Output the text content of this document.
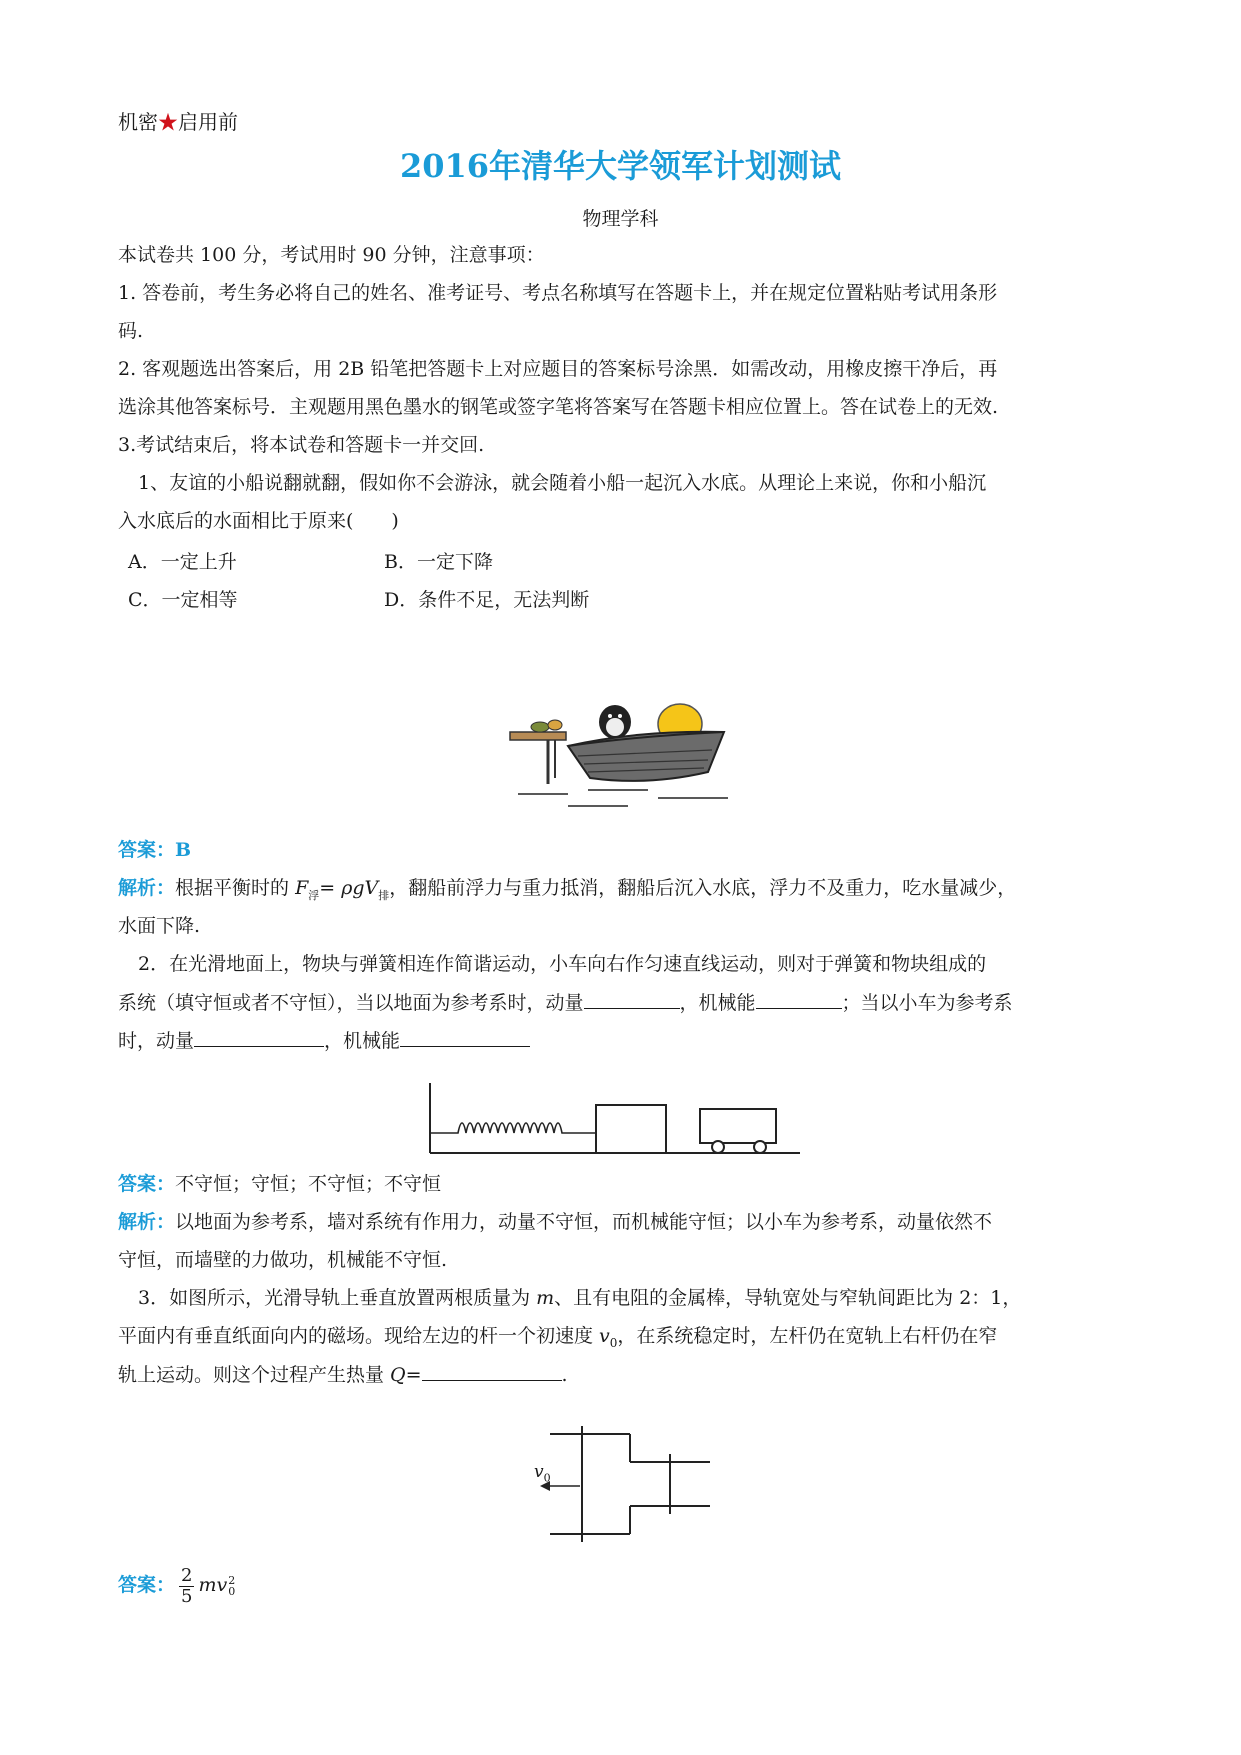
机密★启用前
2016年清华大学领军计划测试
物理学科
本试卷共 100 分，考试用时 90 分钟，注意事项：
1. 答卷前，考生务必将自己的姓名、准考证号、考点名称填写在答题卡上，并在规定位置粘贴考试用条形
码.
2. 客观题选出答案后，用 2B 铅笔把答题卡上对应题目的答案标号涂黑．如需改动，用橡皮擦干净后，再
选涂其他答案标号．主观题用黑色墨水的钢笔或签字笔将答案写在答题卡相应位置上。答在试卷上的无效.
3.考试结束后，将本试卷和答题卡一并交回.
1、友谊的小船说翻就翻，假如你不会游泳，就会随着小船一起沉入水底。从理论上来说，你和小船沉
入水底后的水面相比于原来(　　)
A．一定上升	B．一定下降
C．一定相等	D．条件不足，无法判断
答案：B
解析：根据平衡时的 $F_浮= \rho gV_排$，翻船前浮力与重力抵消，翻船后沉入水底，浮力不及重力，吃水量减少，
水面下降.
2．在光滑地面上，物块与弹簧相连作简谐运动，小车向右作匀速直线运动，则对于弹簧和物块组成的
系统（填守恒或者不守恒），当以地面为参考系时，动量	，机械能	；当以小车为参考系
时，动量	，机械能
答案：不守恒；守恒；不守恒；不守恒
解析：以地面为参考系，墙对系统有作用力，动量不守恒，而机械能守恒；以小车为参考系，动量依然不
守恒，而墙壁的力做功，机械能不守恒.
3．如图所示，光滑导轨上垂直放置两根质量为 m、且有电阻的金属棒，导轨宽处与窄轨间距比为 2：1，
平面内有垂直纸面向内的磁场。现给左边的杆一个初速度 $v_0$，在系统稳定时，左杆仍在宽轨上右杆仍在窄
轨上运动。则这个过程产生热量 Q=	.
$v_0$
答案： $\frac{2}{5}$ mv 2
0
